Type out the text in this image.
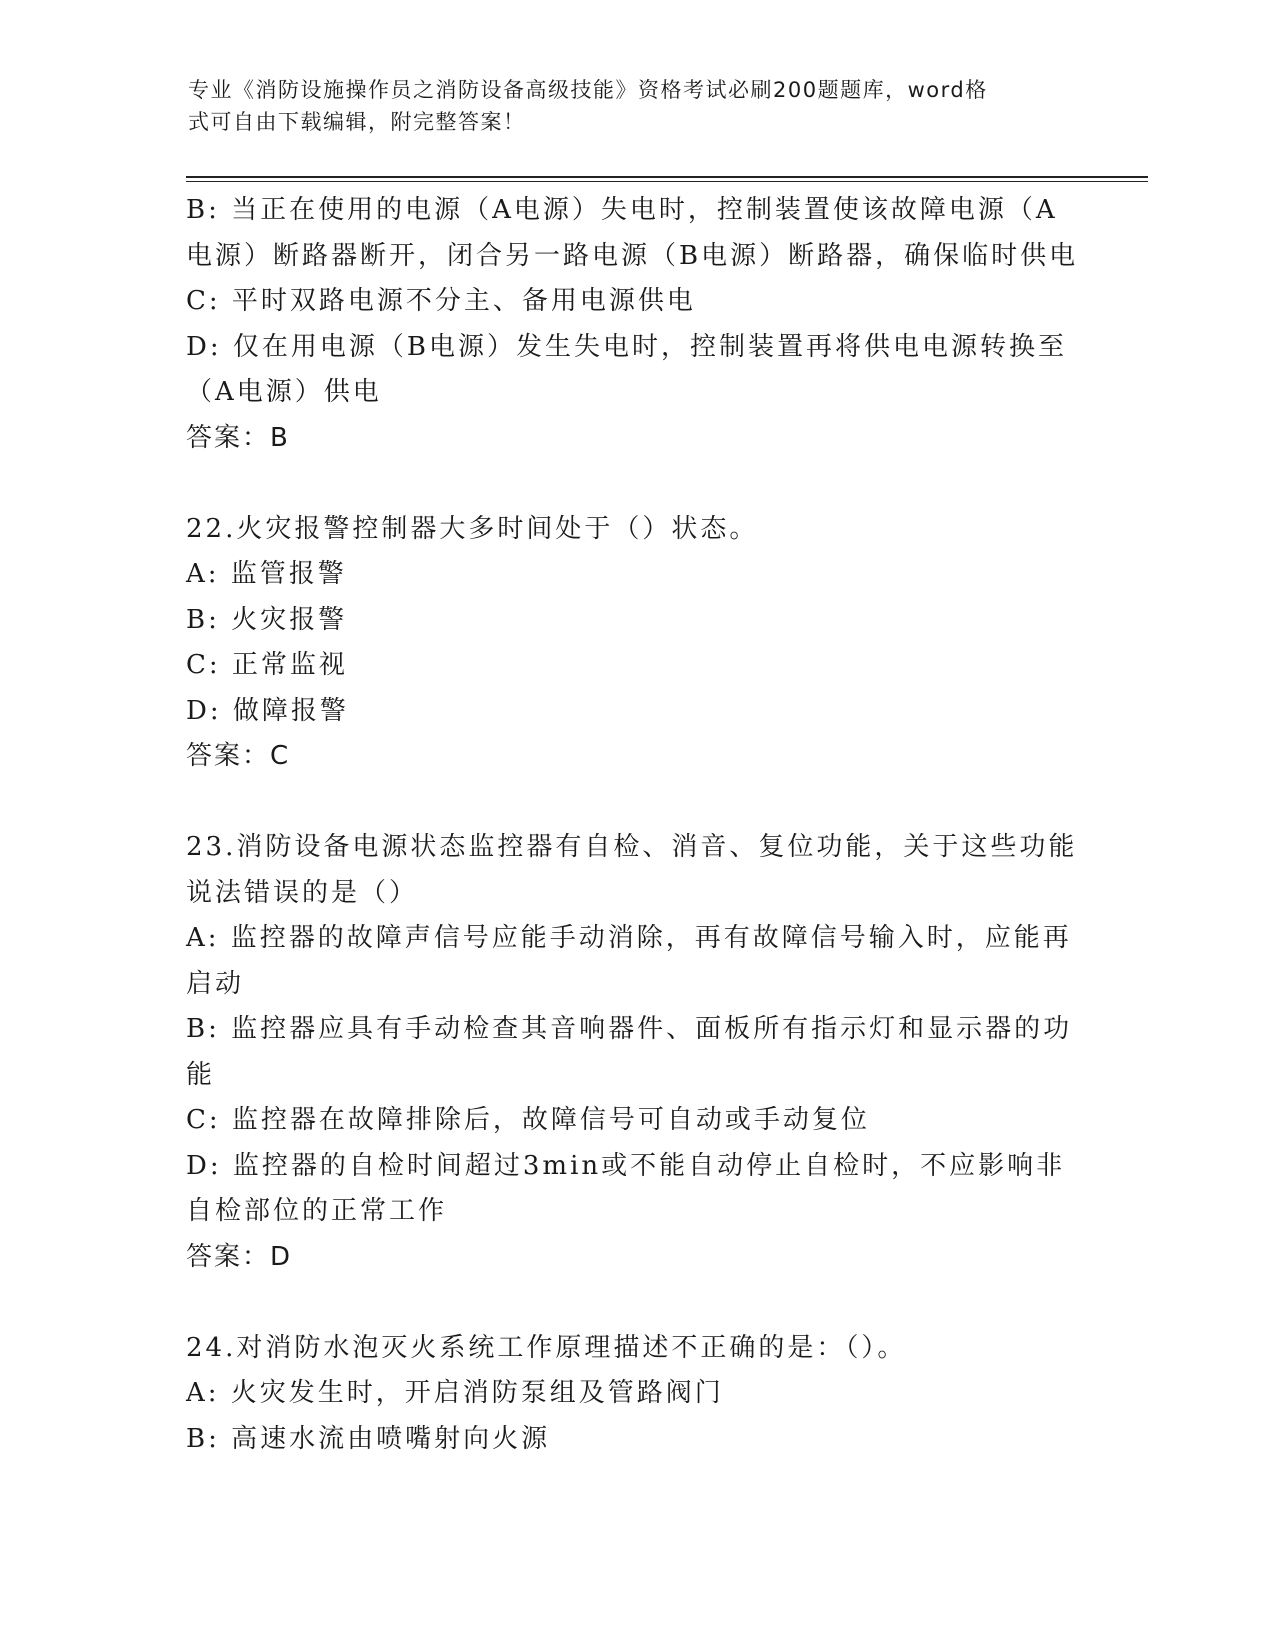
专业《消防设施操作员之消防设备高级技能》资格考试必刷200题题库，word格
式可自由下载编辑，附完整答案！

B: 当正在使用的电源（A电源）失电时，控制装置使该故障电源（A

电源）断路器断开，闭合另一路电源（B电源）断路器，确保临时供电

C: 平时双路电源不分主、备用电源供电

D: 仅在用电源（B电源）发生失电时，控制装置再将供电电源转换至

（A电源）供电

答案：B

22.火灾报警控制器大多时间处于（）状态。

A: 监管报警

B: 火灾报警

C: 正常监视

D: 做障报警

答案：C

23.消防设备电源状态监控器有自检、消音、复位功能，关于这些功能

说法错误的是（）

A: 监控器的故障声信号应能手动消除，再有故障信号输入时，应能再

启动

B: 监控器应具有手动检查其音响器件、面板所有指示灯和显示器的功

能

C: 监控器在故障排除后，故障信号可自动或手动复位

D: 监控器的自检时间超过3min或不能自动停止自检时，不应影响非

自检部位的正常工作

答案：D

24.对消防水泡灭火系统工作原理描述不正确的是：（）。

A: 火灾发生时，开启消防泵组及管路阀门

B: 高速水流由喷嘴射向火源
